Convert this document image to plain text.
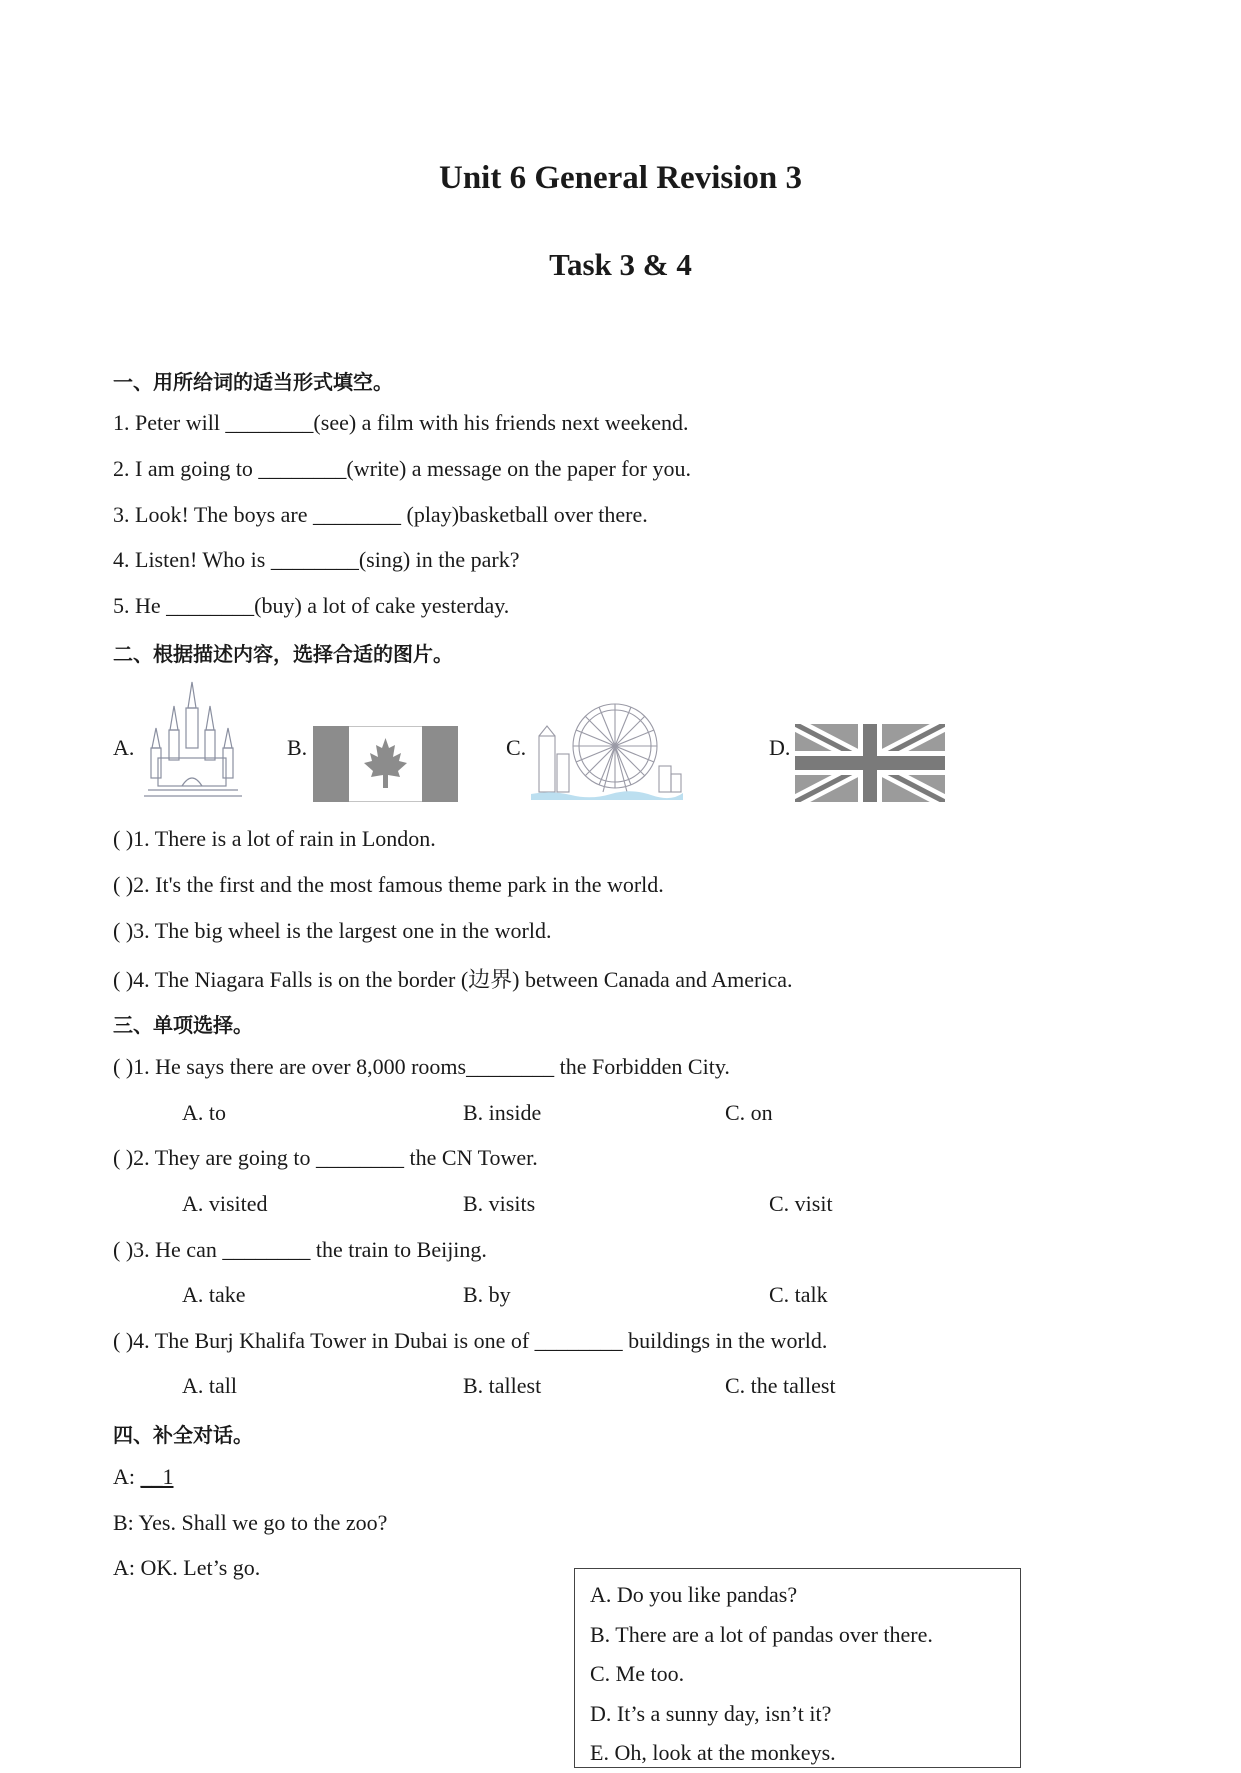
Unit 6 General Revision 3
Task 3 & 4
一、用所给词的适当形式填空。
1. Peter will ________(see) a film with his friends next weekend.
2. I am going to ________(write) a message on the paper for you.
3. Look! The boys are ________ (play)basketball over there.
4. Listen! Who is ________(sing) in the park?
5. He ________(buy) a lot of cake yesterday.
二、根据描述内容，选择合适的图片。
A.	B.	C.	D.
( )1. There is a lot of rain in London.
( )2. It's the first and the most famous theme park in the world.
( )3. The big wheel is the largest one in the world.
( )4. The Niagara Falls is on the border (边界) between Canada and America.
三、单项选择。
( )1. He says there are over 8,000 rooms________ the Forbidden City.
A. to	B. inside	C. on
( )2. They are going to ________ the CN Tower.
A. visited	B. visits	C. visit
( )3. He can ________ the train to Beijing.
A. take	B. by	C. talk
( )4. The Burj Khalifa Tower in Dubai is one of ________ buildings in the world.
A. tall	B. tallest	C. the tallest
四、补全对话。
A: __1
B: Yes. Shall we go to the zoo?
A: OK. Let’s go.
A. Do you like pandas?
B. There are a lot of pandas over there.
C. Me too.
D. It’s a sunny day, isn’t it?
E. Oh, look at the monkeys.
